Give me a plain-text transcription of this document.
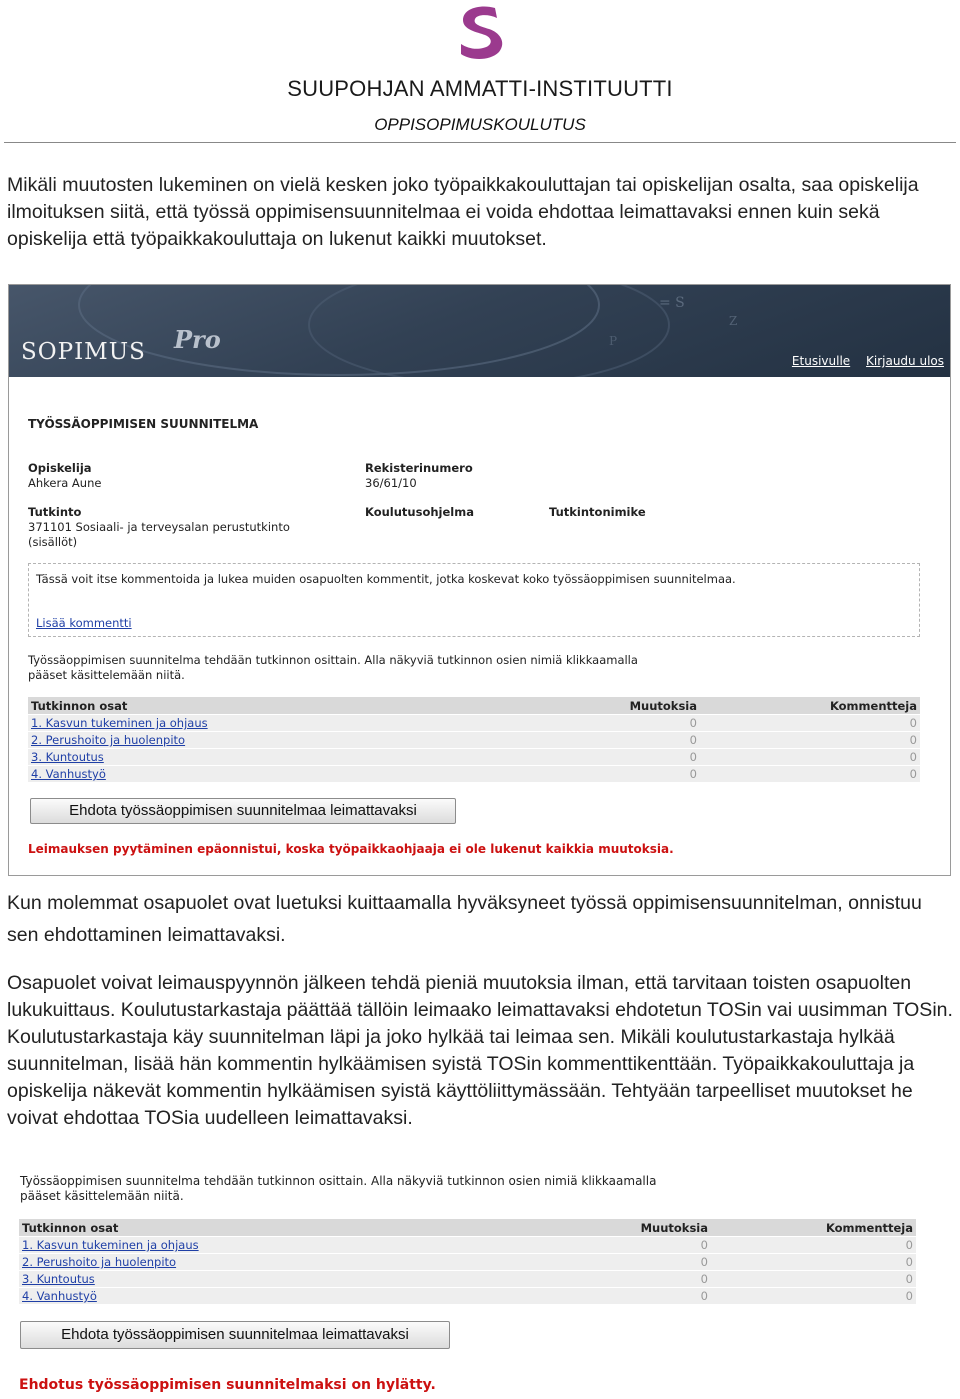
SUUPOHJAN AMMATTI-INSTITUUTTI
OPPISOPIMUSKOULUTUS

Mikäli muutosten lukeminen on vielä kesken joko työpaikkakouluttajan tai opiskelijan osalta, saa opiskelija ilmoituksen siitä, että työssä oppimisensuunnitelmaa ei voida ehdottaa leimattavaksi ennen kuin sekä opiskelija että työpaikkakouluttaja on lukenut kaikki muutokset.

= S
Z
P
SOPIMUS Pro
Etusivulle Kirjaudu ulos
TYÖSSÄOPPIMISEN SUUNNITELMA
Opiskelija
Ahkera Aune
Rekisterinumero
36/61/10
Tutkinto
371101 Sosiaali- ja terveysalan perustutkinto
(sisällöt)
Koulutusohjelma	Tutkintonimike
Tässä voit itse kommentoida ja lukea muiden osapuolten kommentit, jotka koskevat koko työssäoppimisen suunnitelmaa.
Lisää kommentti
Työssäoppimisen suunnitelma tehdään tutkinnon osittain. Alla näkyviä tutkinnon osien nimiä klikkaamalla
pääset käsittelemään niitä.
Tutkinnon osat	Muutoksia	Kommentteja
1. Kasvun tukeminen ja ohjaus	0	0
2. Perushoito ja huolenpito	0	0
3. Kuntoutus	0	0
4. Vanhustyö	0	0
Ehdota työssäoppimisen suunnitelmaa leimattavaksi
Leimauksen pyytäminen epäonnistui, koska työpaikkaohjaaja ei ole lukenut kaikkia muutoksia.

Kun molemmat osapuolet ovat luetuksi kuittaamalla hyväksyneet työssä oppimisensuunnitelman, onnistuu sen ehdottaminen leimattavaksi.

Osapuolet voivat leimauspyynnön jälkeen tehdä pieniä muutoksia ilman, että tarvitaan toisten osapuolten lukukuittaus. Koulutustarkastaja päättää tällöin leimaako leimattavaksi ehdotetun TOSin vai uusimman TOSin. Koulutustarkastaja käy suunnitelman läpi ja joko hylkää tai leimaa sen. Mikäli koulutustarkastaja hylkää suunnitelman, lisää hän kommentin hylkäämisen syistä TOSin kommenttikenttään. Työpaikkakouluttaja ja opiskelija näkevät kommentin hylkäämisen syistä käyttöliittymässään. Tehtyään tarpeelliset muutokset he voivat ehdottaa TOSia uudelleen leimattavaksi.

Työssäoppimisen suunnitelma tehdään tutkinnon osittain. Alla näkyviä tutkinnon osien nimiä klikkaamalla
pääset käsittelemään niitä.
Tutkinnon osat	Muutoksia	Kommentteja
1. Kasvun tukeminen ja ohjaus	0	0
2. Perushoito ja huolenpito	0	0
3. Kuntoutus	0	0
4. Vanhustyö	0	0
Ehdota työssäoppimisen suunnitelmaa leimattavaksi
Ehdotus työssäoppimisen suunnitelmaksi on hylätty.
